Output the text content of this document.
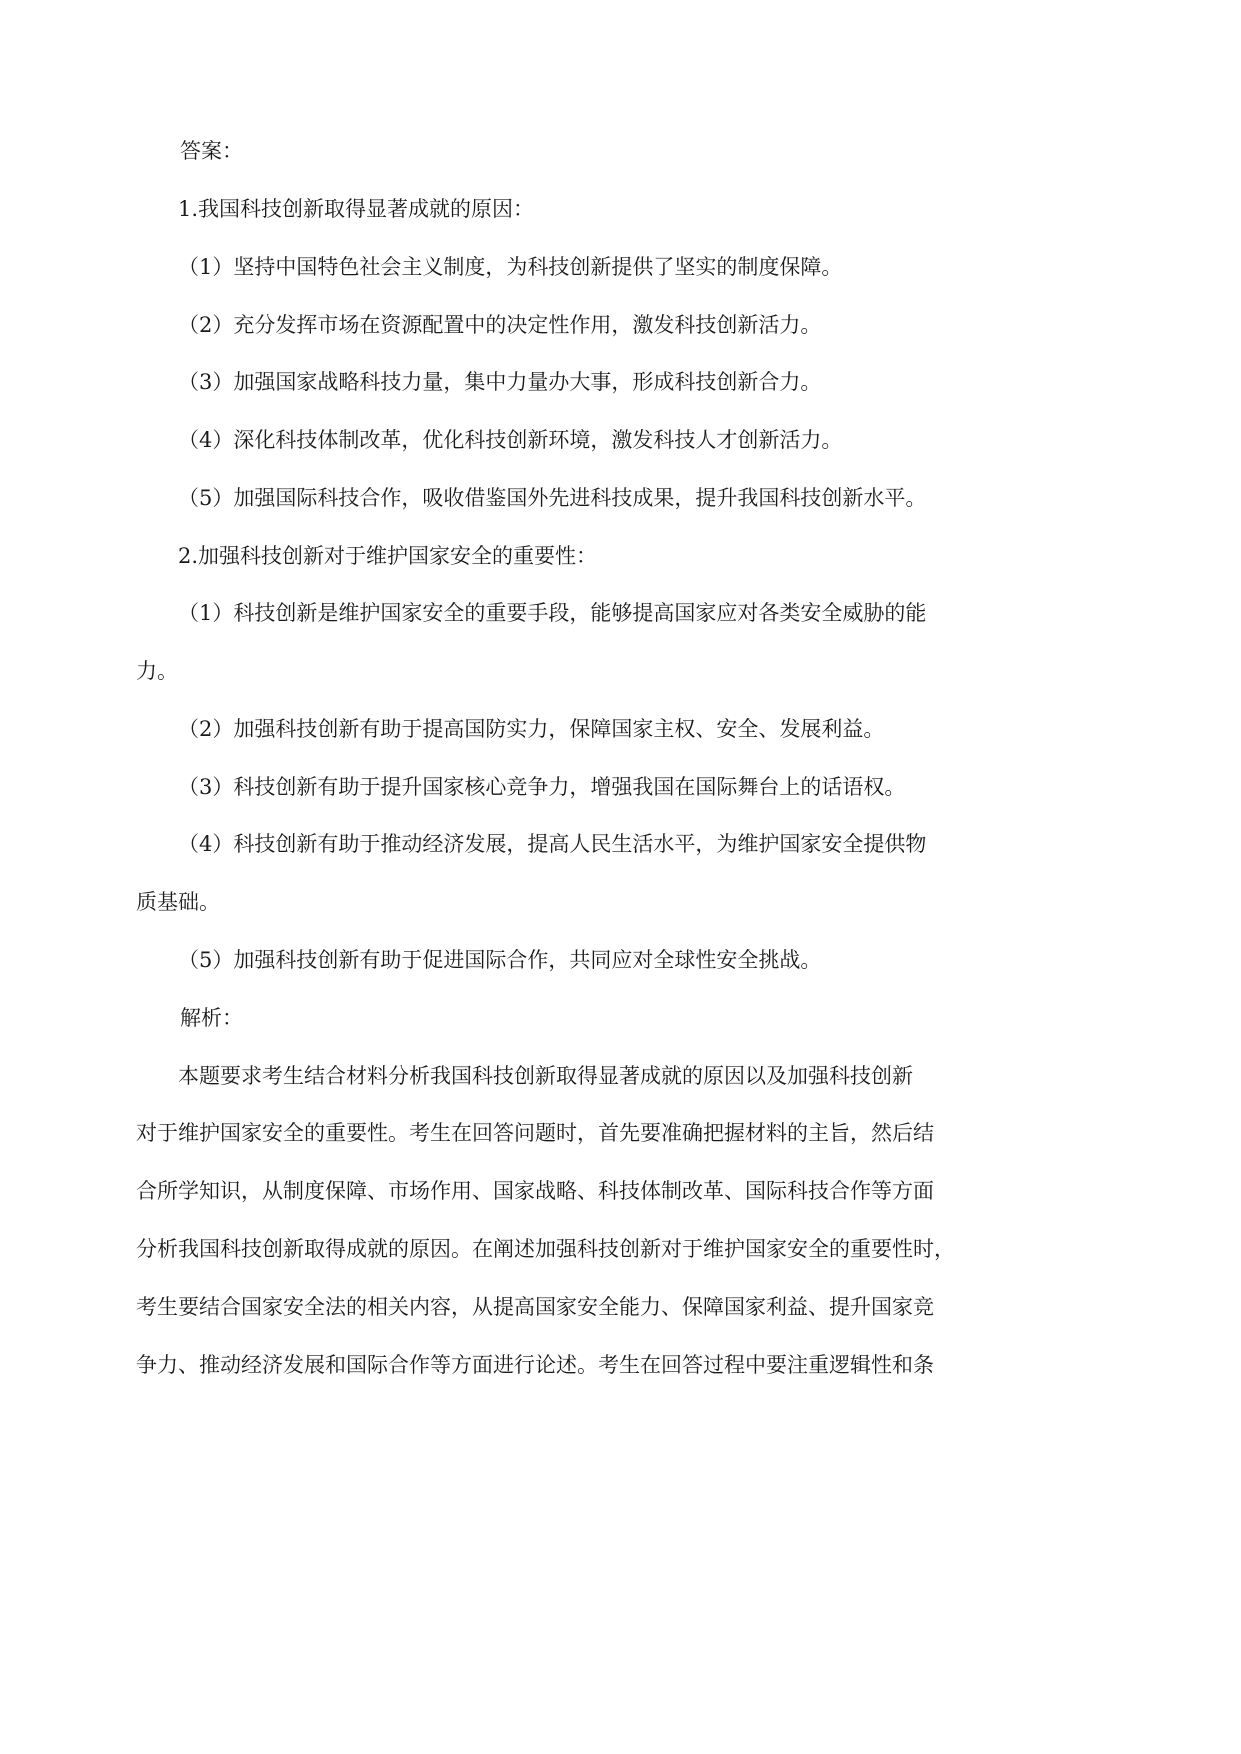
答案：

1.我国科技创新取得显著成就的原因：

（1）坚持中国特色社会主义制度，为科技创新提供了坚实的制度保障。

（2）充分发挥市场在资源配置中的决定性作用，激发科技创新活力。

（3）加强国家战略科技力量，集中力量办大事，形成科技创新合力。

（4）深化科技体制改革，优化科技创新环境，激发科技人才创新活力。

（5）加强国际科技合作，吸收借鉴国外先进科技成果，提升我国科技创新水平。

2.加强科技创新对于维护国家安全的重要性：

（1）科技创新是维护国家安全的重要手段，能够提高国家应对各类安全威胁的能

力。

（2）加强科技创新有助于提高国防实力，保障国家主权、安全、发展利益。

（3）科技创新有助于提升国家核心竞争力，增强我国在国际舞台上的话语权。

（4）科技创新有助于推动经济发展，提高人民生活水平，为维护国家安全提供物

质基础。

（5）加强科技创新有助于促进国际合作，共同应对全球性安全挑战。

解析：

本题要求考生结合材料分析我国科技创新取得显著成就的原因以及加强科技创新

对于维护国家安全的重要性。考生在回答问题时，首先要准确把握材料的主旨，然后结

合所学知识，从制度保障、市场作用、国家战略、科技体制改革、国际科技合作等方面

分析我国科技创新取得成就的原因。在阐述加强科技创新对于维护国家安全的重要性时，

考生要结合国家安全法的相关内容，从提高国家安全能力、保障国家利益、提升国家竞

争力、推动经济发展和国际合作等方面进行论述。考生在回答过程中要注重逻辑性和条
